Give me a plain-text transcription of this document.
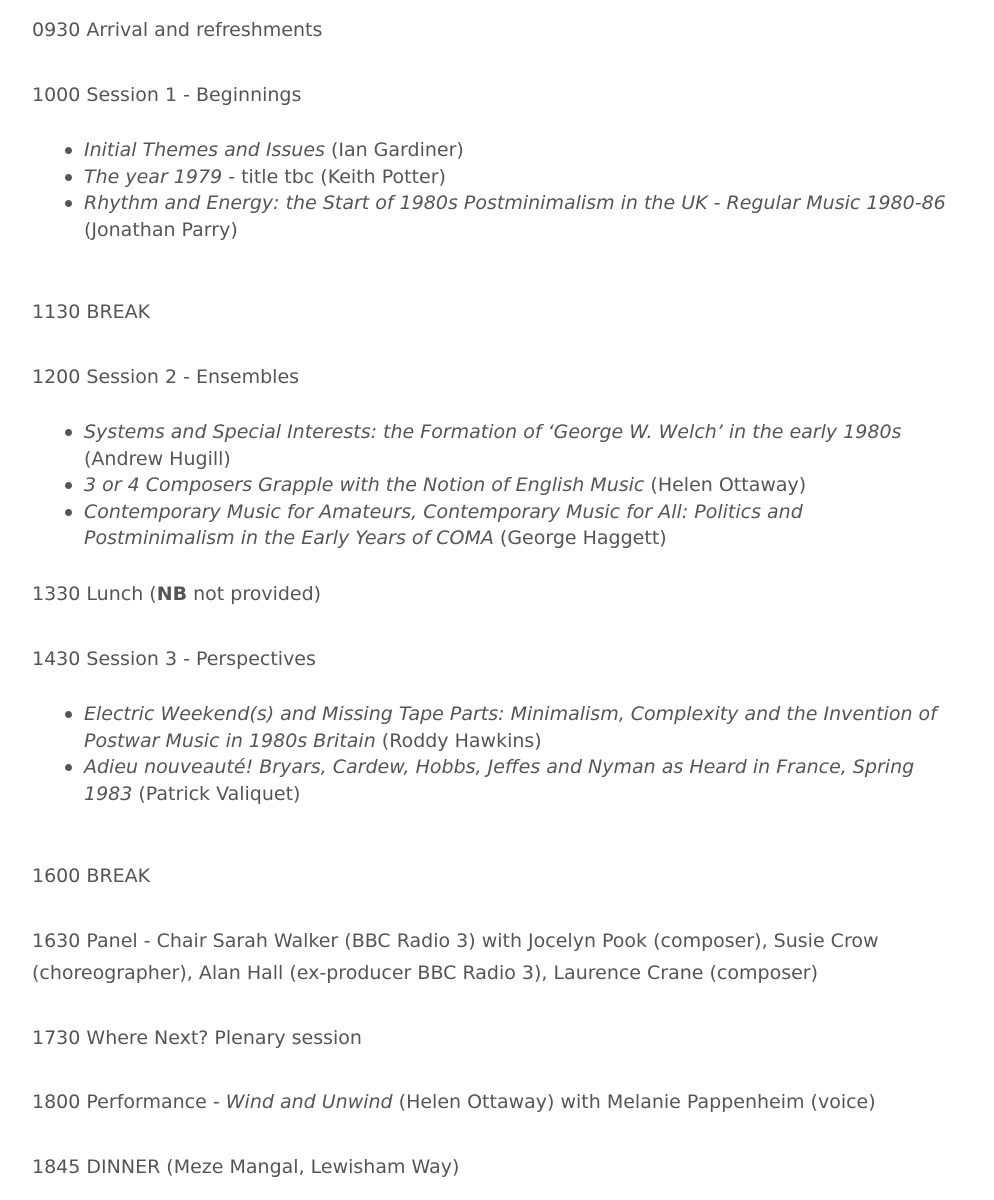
0930 Arrival and refreshments

1000 Session 1 - Beginnings

Initial Themes and Issues (Ian Gardiner)
The year 1979 - title tbc (Keith Potter)
Rhythm and Energy: the Start of 1980s Postminimalism in the UK - Regular Music 1980-86 (Jonathan Parry)

1130 BREAK

1200 Session 2 - Ensembles

Systems and Special Interests: the Formation of ‘George W. Welch’ in the early 1980s (Andrew Hugill)
3 or 4 Composers Grapple with the Notion of English Music (Helen Ottaway)
Contemporary Music for Amateurs, Contemporary Music for All: Politics and Postminimalism in the Early Years of COMA (George Haggett)

1330 Lunch (NB not provided)

1430 Session 3 - Perspectives

Electric Weekend(s) and Missing Tape Parts: Minimalism, Complexity and the Invention of Postwar Music in 1980s Britain (Roddy Hawkins)
Adieu nouveauté! Bryars, Cardew, Hobbs, Jeffes and Nyman as Heard in France, Spring 1983 (Patrick Valiquet)

1600 BREAK

1630 Panel - Chair Sarah Walker (BBC Radio 3) with Jocelyn Pook (composer), Susie Crow (choreographer), Alan Hall (ex-producer BBC Radio 3), Laurence Crane (composer)

1730 Where Next? Plenary session

1800 Performance - Wind and Unwind (Helen Ottaway) with Melanie Pappenheim (voice)

1845 DINNER (Meze Mangal, Lewisham Way)
